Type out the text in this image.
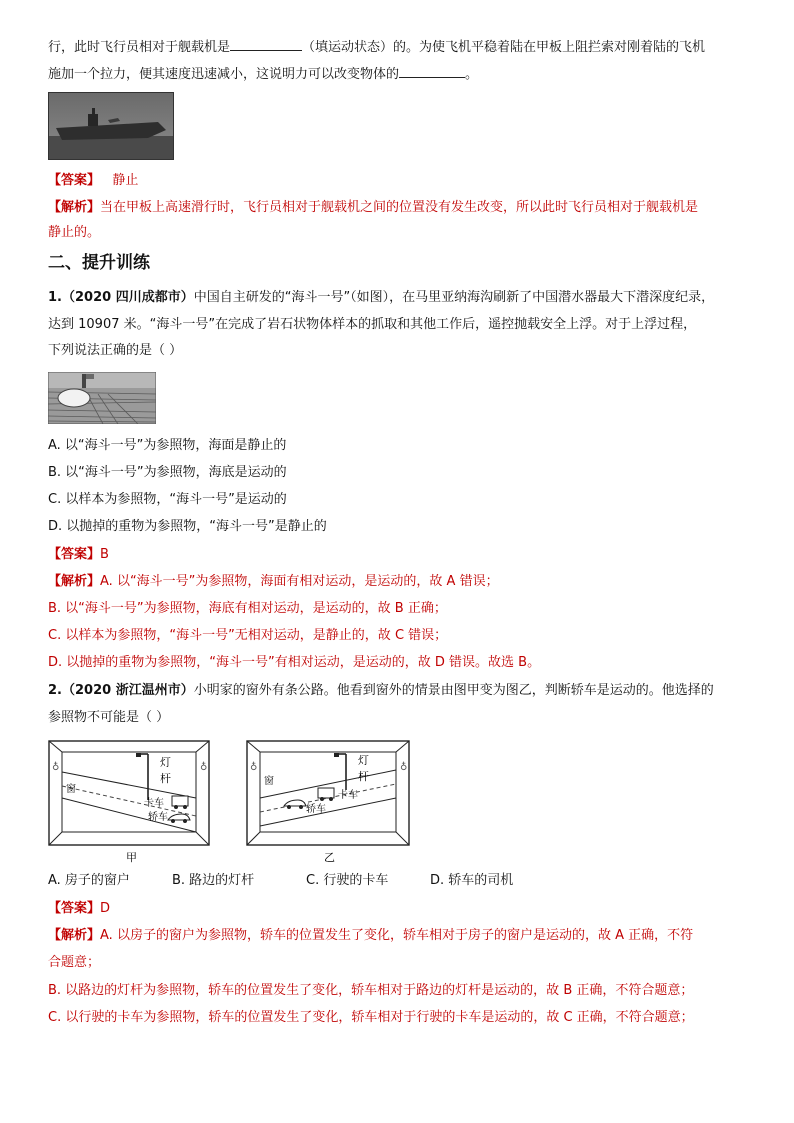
行，此时飞行员相对于舰载机是	（填运动状态）的。为使飞机平稳着陆在甲板上阻拦索对刚着陆的飞机
施加一个拉力，便其速度迅速减小，这说明力可以改变物体的	。
【答案】 静止
【解析】当在甲板上高速滑行时，飞行员相对于舰载机之间的位置没有发生改变，所以此时飞行员相对于舰载机是
静止的。
二、提升训练
1.（2020 四川成都市）中国自主研发的“海斗一号”（如图），在马里亚纳海沟刷新了中国潜水器最大下潜深度纪录，
达到 10907 米。“海斗一号”在完成了岩石状物体样本的抓取和其他工作后，遥控抛载安全上浮。对于上浮过程，
下列说法正确的是（ ）
A. 以“海斗一号”为参照物，海面是静止的
B. 以“海斗一号”为参照物，海底是运动的
C. 以样本为参照物，“海斗一号”是运动的
D. 以抛掉的重物为参照物，“海斗一号”是静止的
【答案】B
【解析】A. 以“海斗一号”为参照物，海面有相对运动，是运动的，故 A 错误；
B. 以“海斗一号”为参照物，海底有相对运动，是运动的，故 B 正确；
C. 以样本为参照物，“海斗一号”无相对运动，是静止的，故 C 错误；
D. 以抛掉的重物为参照物，“海斗一号”有相对运动，是运动的，故 D 错误。故选 B。
2.（2020 浙江温州市）小明家的窗外有条公路。他看到窗外的情景由图甲变为图乙，判断轿车是运动的。他选择的
参照物不可能是（ ）
灯
杆
窗
卡车
轿车
♁
♁
甲
灯
杆
窗
卡车
轿车
♁
♁
乙
A. 房子的窗户	B. 路边的灯杆	C. 行驶的卡车	D. 轿车的司机
【答案】D
【解析】A. 以房子的窗户为参照物，轿车的位置发生了变化，轿车相对于房子的窗户是运动的，故 A 正确，不符
合题意；
B. 以路边的灯杆为参照物，轿车的位置发生了变化，轿车相对于路边的灯杆是运动的，故 B 正确，不符合题意；
C. 以行驶的卡车为参照物，轿车的位置发生了变化，轿车相对于行驶的卡车是运动的，故 C 正确，不符合题意；
